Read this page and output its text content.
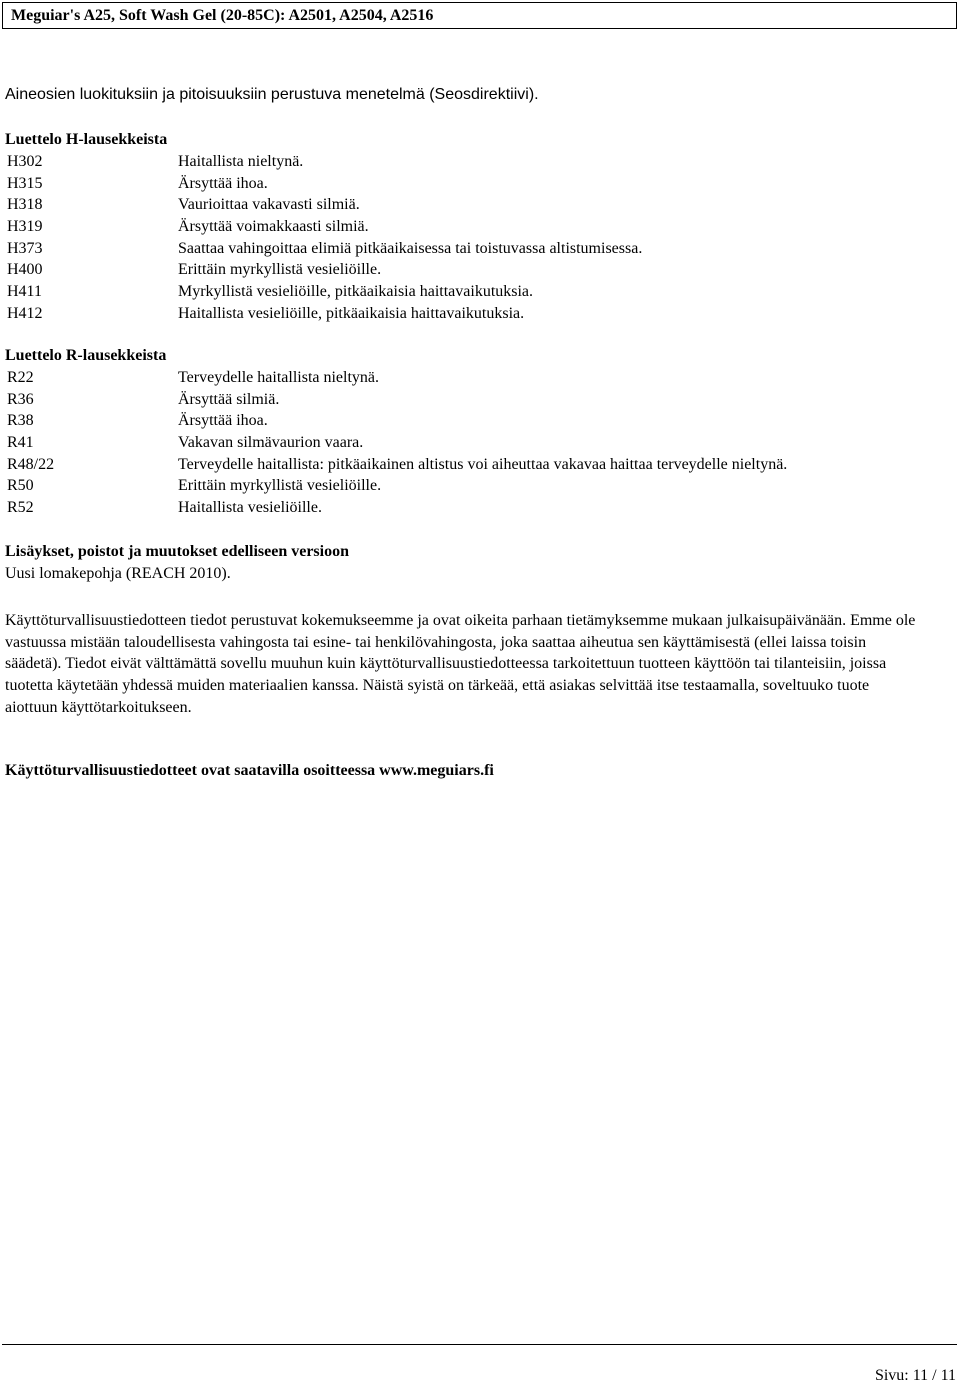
Meguiar's A25, Soft Wash Gel (20-85C): A2501, A2504, A2516
Aineosien luokituksiin ja pitoisuuksiin perustuva menetelmä (Seosdirektiivi).
Luettelo H-lausekkeista
H302	Haitallista nieltynä.
H315	Ärsyttää ihoa.
H318	Vaurioittaa vakavasti silmiä.
H319	Ärsyttää voimakkaasti silmiä.
H373	Saattaa vahingoittaa elimiä pitkäaikaisessa tai toistuvassa altistumisessa.
H400	Erittäin myrkyllistä vesieliöille.
H411	Myrkyllistä vesieliöille, pitkäaikaisia haittavaikutuksia.
H412	Haitallista vesieliöille, pitkäaikaisia haittavaikutuksia.
Luettelo R-lausekkeista
R22	Terveydelle haitallista nieltynä.
R36	Ärsyttää silmiä.
R38	Ärsyttää ihoa.
R41	Vakavan silmävaurion vaara.
R48/22	Terveydelle haitallista: pitkäaikainen altistus voi aiheuttaa vakavaa haittaa terveydelle nieltynä.
R50	Erittäin myrkyllistä vesieliöille.
R52	Haitallista vesieliöille.
Lisäykset, poistot ja muutokset edelliseen versioon
Uusi lomakepohja (REACH 2010).
Käyttöturvallisuustiedotteen tiedot perustuvat kokemukseemme ja ovat oikeita parhaan tietämyksemme mukaan julkaisupäivänään. Emme ole vastuussa mistään taloudellisesta vahingosta tai esine- tai henkilövahingosta, joka saattaa aiheutua sen käyttämisestä (ellei laissa toisin säädetä). Tiedot eivät välttämättä sovellu muuhun kuin käyttöturvallisuustiedotteessa tarkoitettuun tuotteen käyttöön tai tilanteisiin, joissa tuotetta käytetään yhdessä muiden materiaalien kanssa. Näistä syistä on tärkeää, että asiakas selvittää itse testaamalla, soveltuuko tuote aiottuun käyttötarkoitukseen.
Käyttöturvallisuustiedotteet ovat saatavilla osoitteessa www.meguiars.fi
Sivu: 11 / 11
